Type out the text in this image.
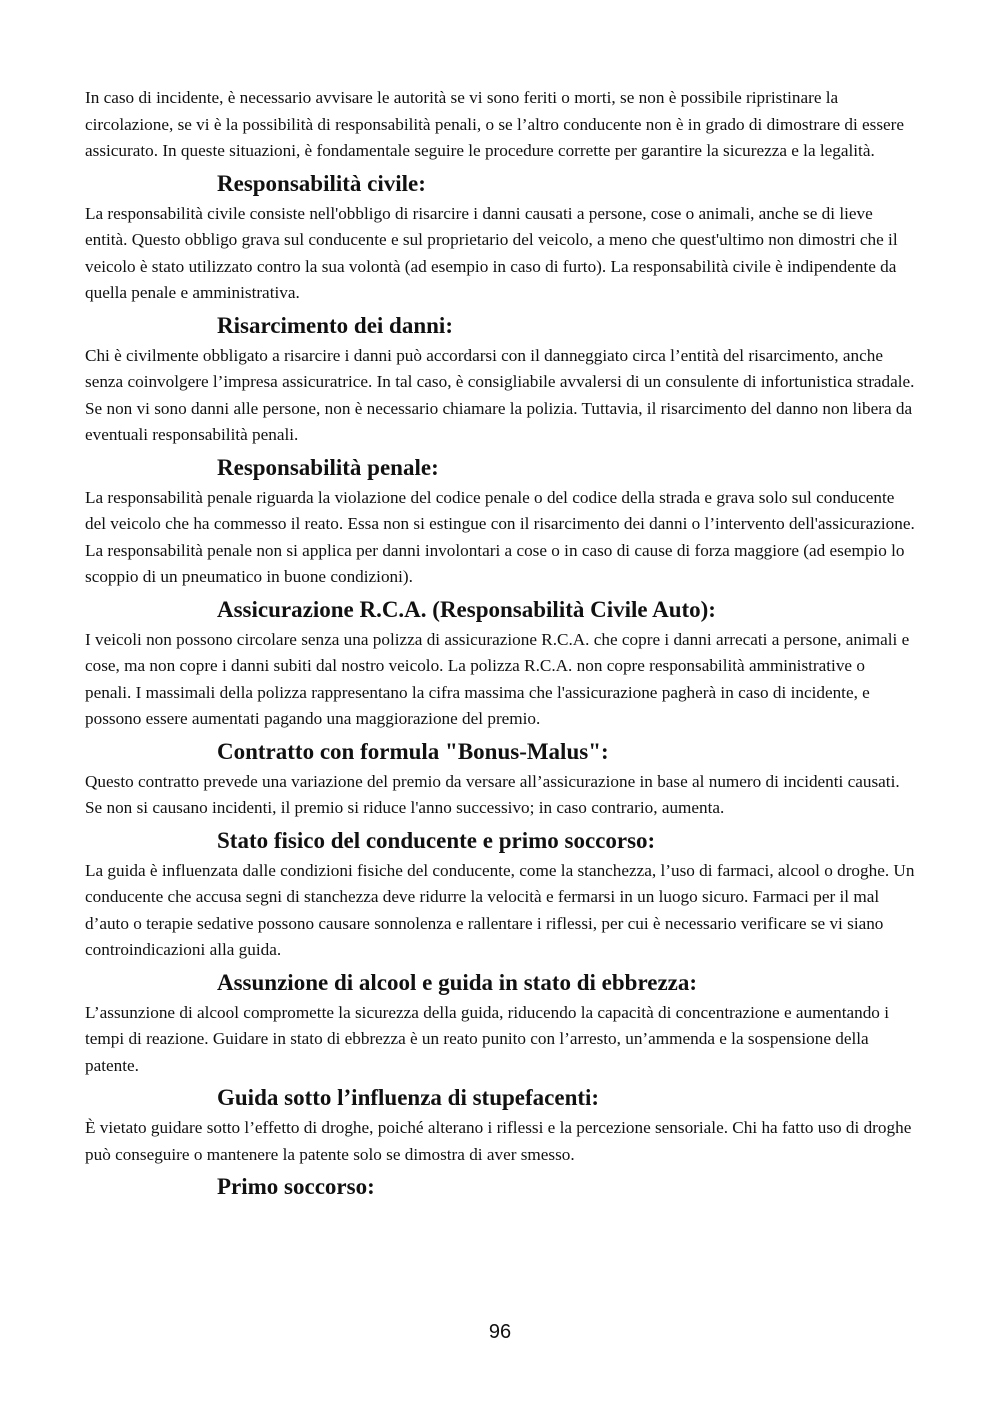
In caso di incidente, è necessario avvisare le autorità se vi sono feriti o morti, se non è possibile ripristinare la circolazione, se vi è la possibilità di responsabilità penali, o se l’altro conducente non è in grado di dimostrare di essere assicurato. In queste situazioni, è fondamentale seguire le procedure corrette per garantire la sicurezza e la legalità.

Responsabilità civile:

La responsabilità civile consiste nell'obbligo di risarcire i danni causati a persone, cose o animali, anche se di lieve entità. Questo obbligo grava sul conducente e sul proprietario del veicolo, a meno che quest'ultimo non dimostri che il veicolo è stato utilizzato contro la sua volontà (ad esempio in caso di furto). La responsabilità civile è indipendente da quella penale e amministrativa.

Risarcimento dei danni:

Chi è civilmente obbligato a risarcire i danni può accordarsi con il danneggiato circa l’entità del risarcimento, anche senza coinvolgere l’impresa assicuratrice. In tal caso, è consigliabile avvalersi di un consulente di infortunistica stradale. Se non vi sono danni alle persone, non è necessario chiamare la polizia. Tuttavia, il risarcimento del danno non libera da eventuali responsabilità penali.

Responsabilità penale:

La responsabilità penale riguarda la violazione del codice penale o del codice della strada e grava solo sul conducente del veicolo che ha commesso il reato. Essa non si estingue con il risarcimento dei danni o l’intervento dell'assicurazione. La responsabilità penale non si applica per danni involontari a cose o in caso di cause di forza maggiore (ad esempio lo scoppio di un pneumatico in buone condizioni).

Assicurazione R.C.A. (Responsabilità Civile Auto):

I veicoli non possono circolare senza una polizza di assicurazione R.C.A. che copre i danni arrecati a persone, animali e cose, ma non copre i danni subiti dal nostro veicolo. La polizza R.C.A. non copre responsabilità amministrative o penali. I massimali della polizza rappresentano la cifra massima che l'assicurazione pagherà in caso di incidente, e possono essere aumentati pagando una maggiorazione del premio.

Contratto con formula "Bonus-Malus":

Questo contratto prevede una variazione del premio da versare all’assicurazione in base al numero di incidenti causati. Se non si causano incidenti, il premio si riduce l'anno successivo; in caso contrario, aumenta.

Stato fisico del conducente e primo soccorso:

La guida è influenzata dalle condizioni fisiche del conducente, come la stanchezza, l’uso di farmaci, alcool o droghe. Un conducente che accusa segni di stanchezza deve ridurre la velocità e fermarsi in un luogo sicuro. Farmaci per il mal d’auto o terapie sedative possono causare sonnolenza e rallentare i riflessi, per cui è necessario verificare se vi siano controindicazioni alla guida.

Assunzione di alcool e guida in stato di ebbrezza:

L’assunzione di alcool compromette la sicurezza della guida, riducendo la capacità di concentrazione e aumentando i tempi di reazione. Guidare in stato di ebbrezza è un reato punito con l’arresto, un’ammenda e la sospensione della patente.

Guida sotto l’influenza di stupefacenti:

È vietato guidare sotto l’effetto di droghe, poiché alterano i riflessi e la percezione sensoriale. Chi ha fatto uso di droghe può conseguire o mantenere la patente solo se dimostra di aver smesso.

Primo soccorso:
96
